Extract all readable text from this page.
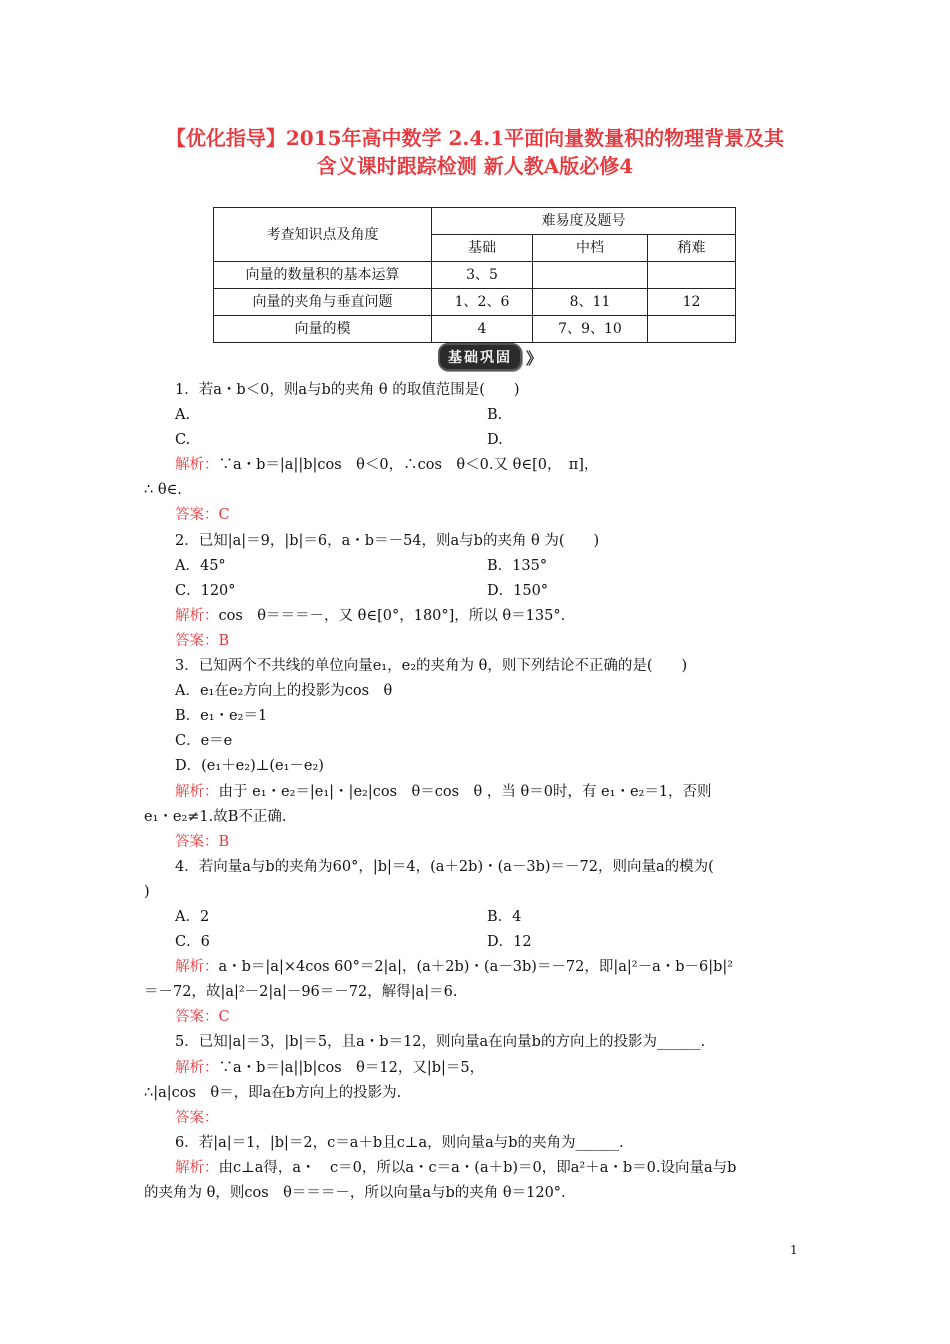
【优化指导】2015年高中数学 2.4.1平面向量数量积的物理背景及其
含义课时跟踪检测 新人教A版必修4
考查知识点及角度	难易度及题号		
	基础	中档	稍难
向量的数量积的基本运算	3、5		
向量的夹角与垂直问题	1、2、6	8、11	12
向量的模	4	7、9、10	
基础巩固 》
1．若a・b＜0，则a与b的夹角 θ 的取值范围是(　　)
A.	B.
C.	D.
解析：∵a・b＝|a||b|cos　θ＜0，∴cos　θ＜0.又 θ∈[0，　π]，
∴ θ∈.
答案：C
2．已知|a|＝9，|b|＝6，a・b＝－54，则a与b的夹角 θ 为(　　)
A．45°	B．135°
C．120°	D．150°
解析：cos　θ＝＝＝－，又 θ∈[0°，180°]，所以 θ＝135°.
答案：B
3．已知两个不共线的单位向量e₁，e₂的夹角为 θ，则下列结论不正确的是(　　)
A．e₁在e₂方向上的投影为cos　θ
B．e₁・e₂＝1
C．e＝e
D．(e₁＋e₂)⊥(e₁－e₂)
解析：由于 e₁・e₂＝|e₁|・|e₂|cos　θ＝cos　θ ，当 θ＝0时，有 e₁・e₂＝1，否则
e₁・e₂≠1.故B不正确.
答案：B
4．若向量a与b的夹角为60°，|b|＝4，(a＋2b)・(a－3b)＝－72，则向量a的模为(
)
A．2	B．4
C．6	D．12
解析：a・b＝|a|×4cos 60°＝2|a|，(a＋2b)・(a－3b)＝－72，即|a|²－a・b－6|b|²
＝－72，故|a|²－2|a|－96＝－72，解得|a|＝6.
答案：C
5．已知|a|＝3，|b|＝5，且a・b＝12，则向量a在向量b的方向上的投影为______.
解析：∵a・b＝|a||b|cos　θ＝12，又|b|＝5，
∴|a|cos　θ＝，即a在b方向上的投影为.
答案：
6．若|a|＝1，|b|＝2，c＝a＋b且c⊥a，则向量a与b的夹角为______.
解析：由c⊥a得，a・　c＝0，所以a・c＝a・(a＋b)＝0，即a²＋a・b＝0.设向量a与b
的夹角为 θ，则cos　θ＝＝＝－，所以向量a与b的夹角 θ＝120°.
1
